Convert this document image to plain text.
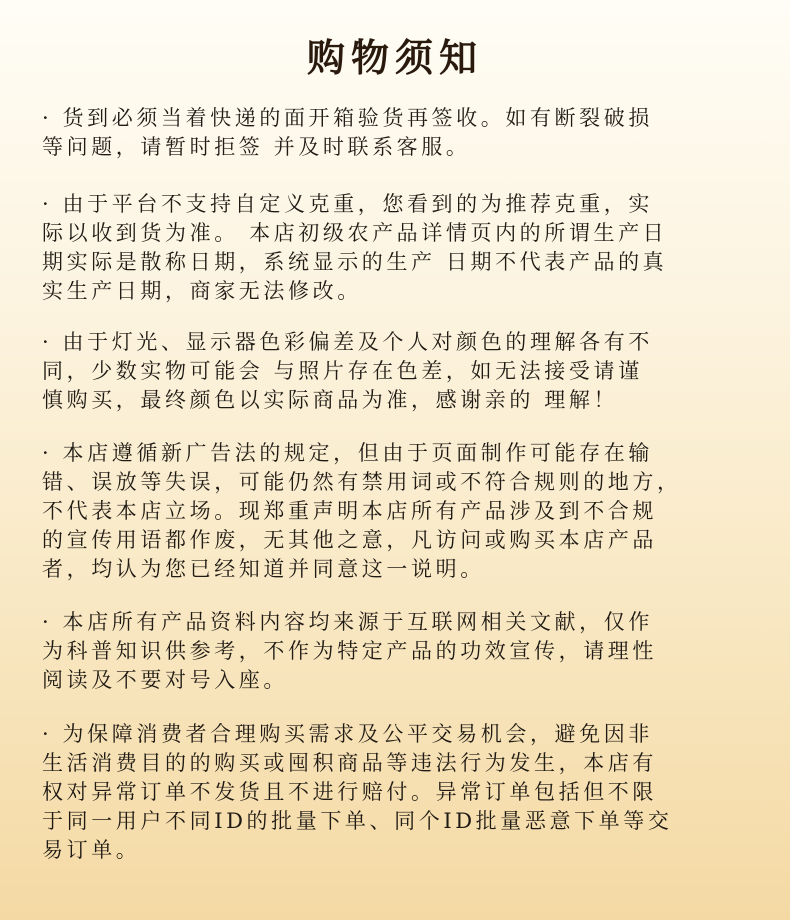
购物须知

· 货到必须当着快递的面开箱验货再签收。如有断裂破损
等问题，请暂时拒签 并及时联系客服。

· 由于平台不支持自定义克重，您看到的为推荐克重，实
际以收到货为准。 本店初级农产品详情页内的所谓生产日
期实际是散称日期，系统显示的生产 日期不代表产品的真
实生产日期，商家无法修改。

· 由于灯光、显示器色彩偏差及个人对颜色的理解各有不
同，少数实物可能会 与照片存在色差，如无法接受请谨
慎购买，最终颜色以实际商品为准，感谢亲的 理解！

· 本店遵循新广告法的规定，但由于页面制作可能存在输
错、误放等失误，可能仍然有禁用词或不符合规则的地方，
不代表本店立场。现郑重声明本店所有产品涉及到不合规
的宣传用语都作废，无其他之意，凡访问或购买本店产品
者，均认为您已经知道并同意这一说明。

· 本店所有产品资料内容均来源于互联网相关文献，仅作
为科普知识供参考，不作为特定产品的功效宣传，请理性
阅读及不要对号入座。

· 为保障消费者合理购买需求及公平交易机会，避免因非
生活消费目的的购买或囤积商品等违法行为发生，本店有
权对异常订单不发货且不进行赔付。异常订单包括但不限
于同一用户不同ID的批量下单、同个ID批量恶意下单等交
易订单。
